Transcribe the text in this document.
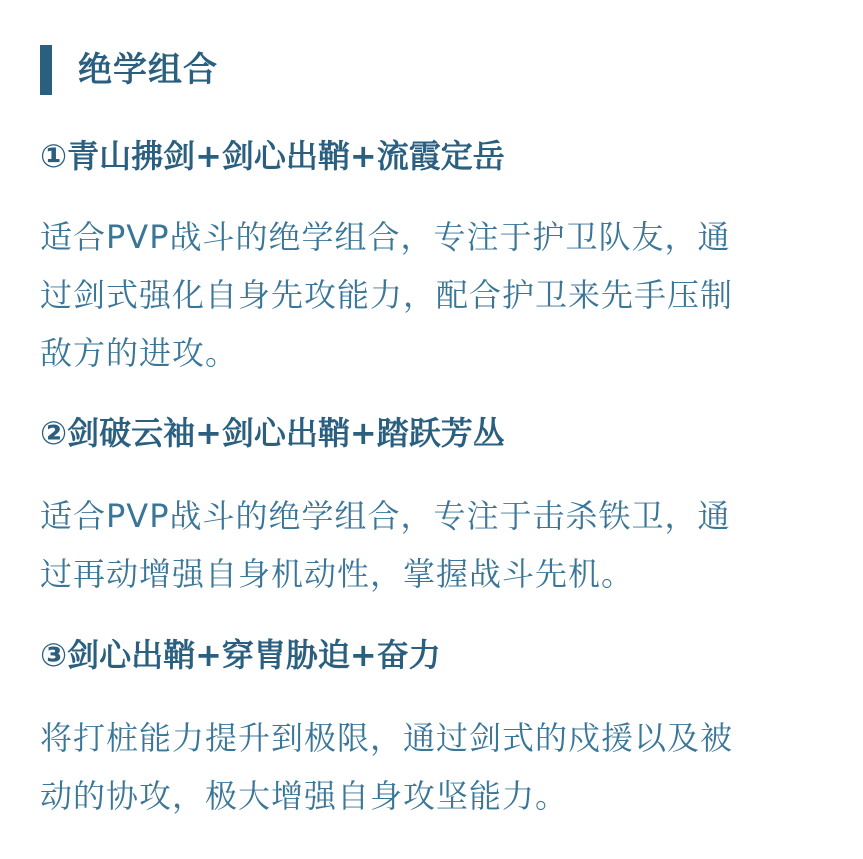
绝学组合
①青山拂剑+剑心出鞘+流霞定岳
适合PVP战斗的绝学组合，专注于护卫队友，通
过剑式强化自身先攻能力，配合护卫来先手压制
敌方的进攻。
②剑破云袖+剑心出鞘+踏跃芳丛
适合PVP战斗的绝学组合，专注于击杀铁卫，通
过再动增强自身机动性，掌握战斗先机。
③剑心出鞘+穿胄胁迫+奋力
将打桩能力提升到极限，通过剑式的戍援以及被
动的协攻，极大增强自身攻坚能力。
